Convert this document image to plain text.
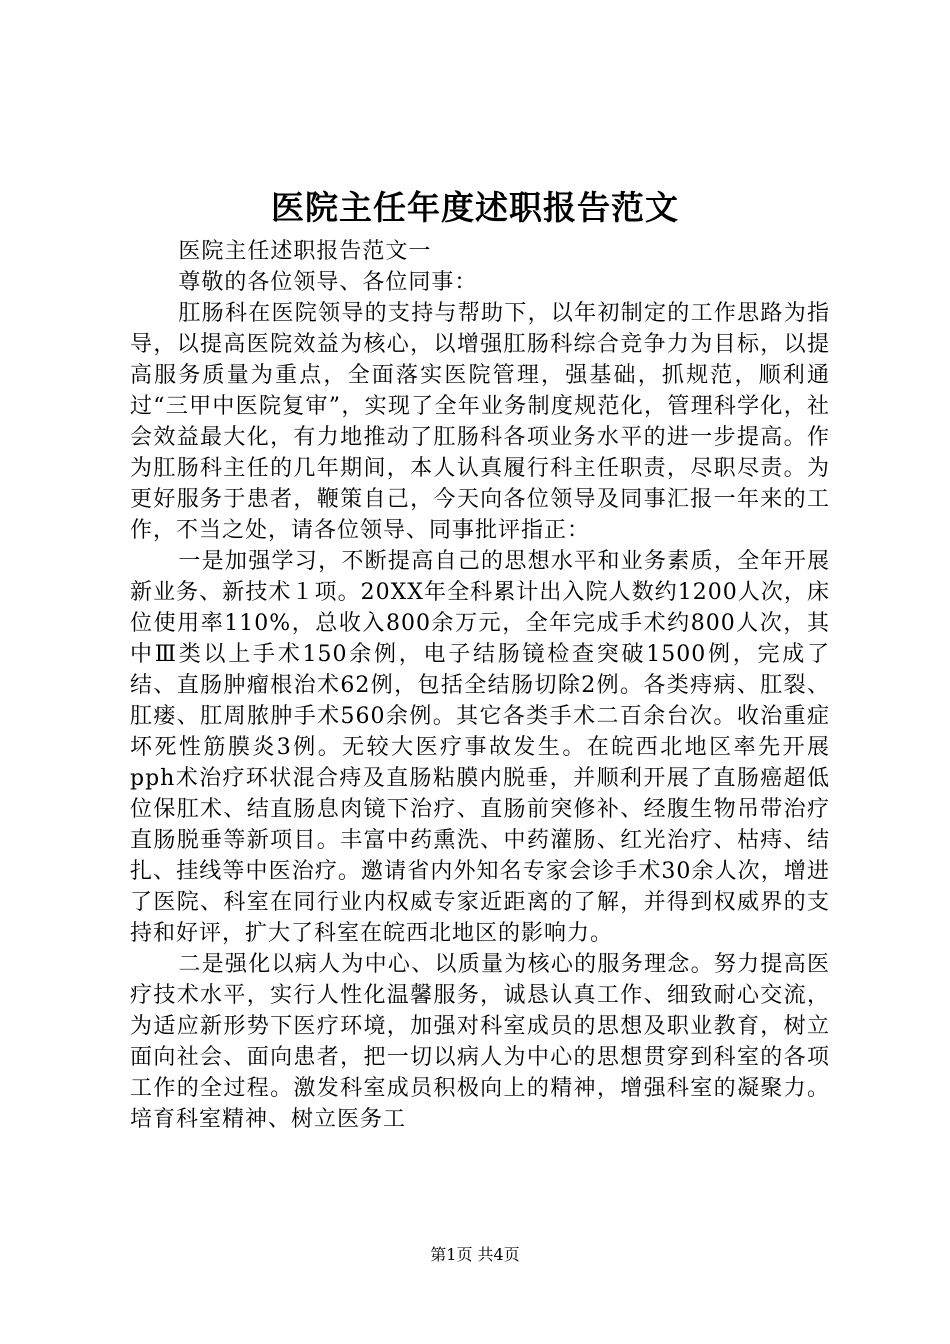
医院主任年度述职报告范文

医院主任述职报告范文一

尊敬的各位领导、各位同事：

肛肠科在医院领导的支持与帮助下，以年初制定的工作思路为指导，以提高医院效益为核心，以增强肛肠科综合竞争力为目标，以提高服务质量为重点，全面落实医院管理，强基础，抓规范，顺利通过“三甲中医院复审”，实现了全年业务制度规范化，管理科学化，社会效益最大化，有力地推动了肛肠科各项业务水平的进一步提高。作为肛肠科主任的几年期间，本人认真履行科主任职责，尽职尽责。为更好服务于患者，鞭策自己，今天向各位领导及同事汇报一年来的工作，不当之处，请各位领导、同事批评指正：

一是加强学习，不断提高自己的思想水平和业务素质，全年开展新业务、新技术１项。20XX年全科累计出入院人数约1200人次，床位使用率110%，总收入800余万元，全年完成手术约800人次，其中Ⅲ类以上手术150余例，电子结肠镜检查突破1500例，完成了结、直肠肿瘤根治术62例，包括全结肠切除2例。各类痔病、肛裂、肛瘘、肛周脓肿手术560余例。其它各类手术二百余台次。收治重症坏死性筋膜炎3例。无较大医疗事故发生。在皖西北地区率先开展pph术治疗环状混合痔及直肠粘膜内脱垂，并顺利开展了直肠癌超低位保肛术、结直肠息肉镜下治疗、直肠前突修补、经腹生物吊带治疗直肠脱垂等新项目。丰富中药熏洗、中药灌肠、红光治疗、枯痔、结扎、挂线等中医治疗。邀请省内外知名专家会诊手术30余人次，增进了医院、科室在同行业内权威专家近距离的了解，并得到权威界的支持和好评，扩大了科室在皖西北地区的影响力。

二是强化以病人为中心、以质量为核心的服务理念。努力提高医疗技术水平，实行人性化温馨服务，诚恳认真工作、细致耐心交流，为适应新形势下医疗环境，加强对科室成员的思想及职业教育，树立面向社会、面向患者，把一切以病人为中心的思想贯穿到科室的各项工作的全过程。激发科室成员积极向上的精神，增强科室的凝聚力。培育科室精神、树立医务工

第1页 共4页
